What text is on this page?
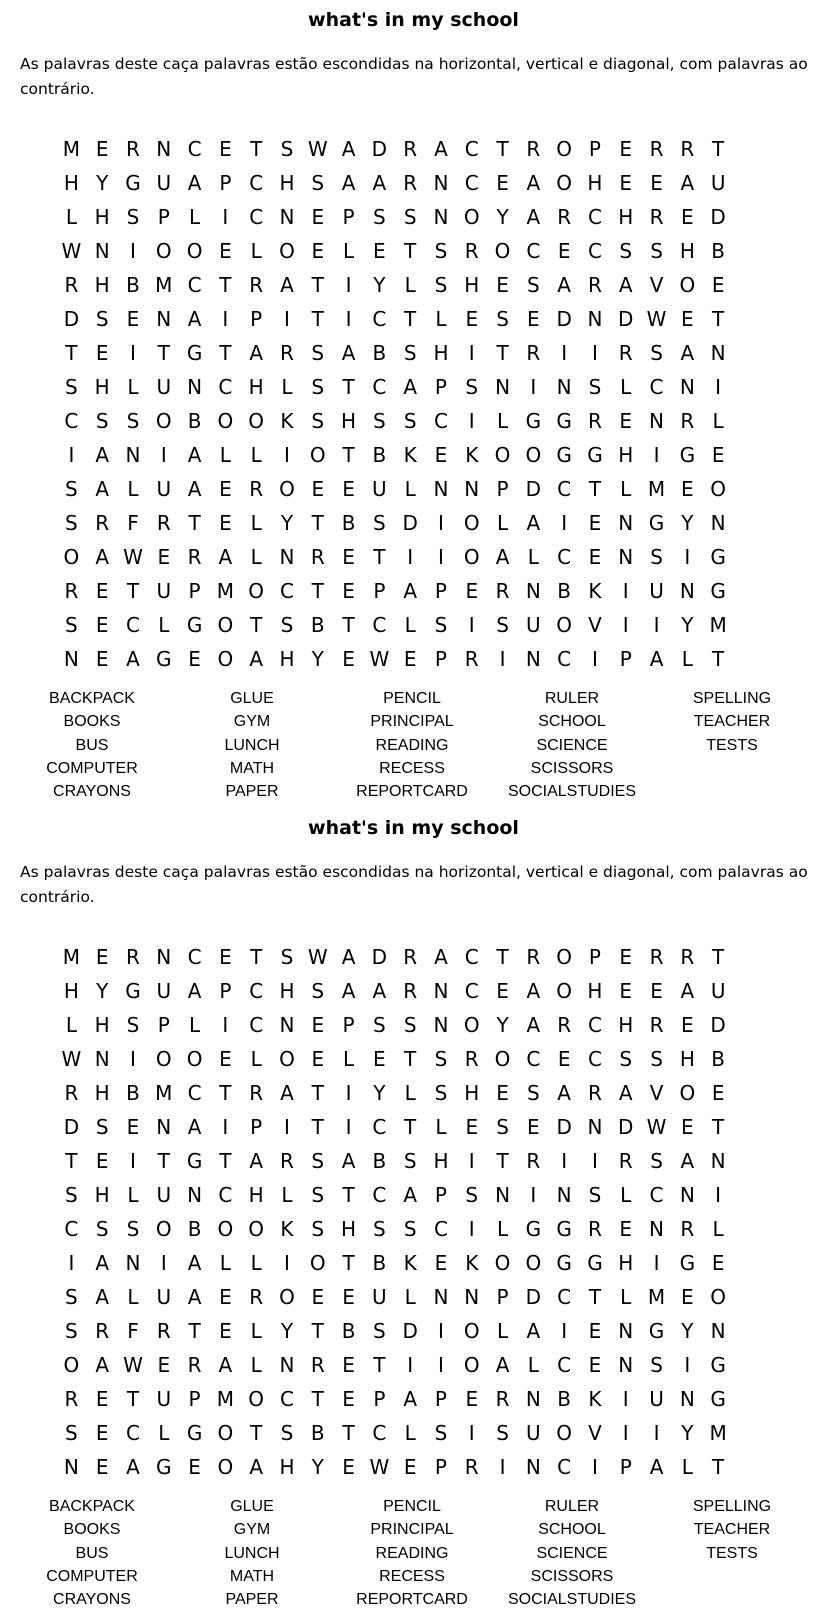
what's in my school
As palavras deste caça palavras estão escondidas na horizontal, vertical e diagonal, com palavras ao contrário.
M E R N C E T S W A D R A C T R O P E R R T
H Y G U A P C H S A A R N C E A O H E E A U
L H S P L	I	C N E P S S N O Y A R C H R E D
W N	I O O E L O E L E T S R O C E C S S H B
R H B M C T R A T	I	Y L S H E S A R A V O E
D S E N A	I	P	I	T	I	C T L E S E D N D W E T
T E	I	T G T A R S A B S H	I	T R	I	I	R S A N
S H L U N C H L S T C A P S N	I	N S L C N	I
C S S O B O O K S H S S C	I	L G G R E N R L
I	A N	I	A L L	I O T B K E K O O G G H	I	G E
S A L U A E R O E E U L N N P D C T L M E O
S R F R T E L Y T B S D	I O L A	I	E N G Y N
O A W E R A L N R E T	I	I O A L C E N S	I	G
R E T U P M O C T E P A P E R N B K	I	U N G
S E C L G O T S B T C L S	I	S U O V	I	I	Y M
N E A G E O A H Y E W E P R	I	N C	I	P A L T
BACKPACK
BOOKS
BUS
COMPUTER
CRAYONS
GLUE
GYM
LUNCH
MATH
PAPER
PENCIL
PRINCIPAL
READING
RECESS
REPORTCARD
RULER
SCHOOL
SCIENCE
SCISSORS
SOCIALSTUDIES
SPELLING
TEACHER
TESTS
what's in my school
As palavras deste caça palavras estão escondidas na horizontal, vertical e diagonal, com palavras ao contrário.
M E R N C E T S W A D R A C T R O P E R R T
H Y G U A P C H S A A R N C E A O H E E A U
L H S P L	I	C N E P S S N O Y A R C H R E D
W N	I O O E L O E L E T S R O C E C S S H B
R H B M C T R A T	I	Y L S H E S A R A V O E
D S E N A	I	P	I	T	I	C T L E S E D N D W E T
T E	I	T G T A R S A B S H	I	T R	I	I	R S A N
S H L U N C H L S T C A P S N	I	N S L C N	I
C S S O B O O K S H S S C	I	L G G R E N R L
I	A N	I	A L L	I O T B K E K O O G G H	I	G E
S A L U A E R O E E U L N N P D C T L M E O
S R F R T E L Y T B S D	I O L A	I	E N G Y N
O A W E R A L N R E T	I	I O A L C E N S	I	G
R E T U P M O C T E P A P E R N B K	I	U N G
S E C L G O T S B T C L S	I	S U O V	I	I	Y M
N E A G E O A H Y E W E P R	I	N C	I	P A L T
BACKPACK
BOOKS
BUS
COMPUTER
CRAYONS
GLUE
GYM
LUNCH
MATH
PAPER
PENCIL
PRINCIPAL
READING
RECESS
REPORTCARD
RULER
SCHOOL
SCIENCE
SCISSORS
SOCIALSTUDIES
SPELLING
TEACHER
TESTS
